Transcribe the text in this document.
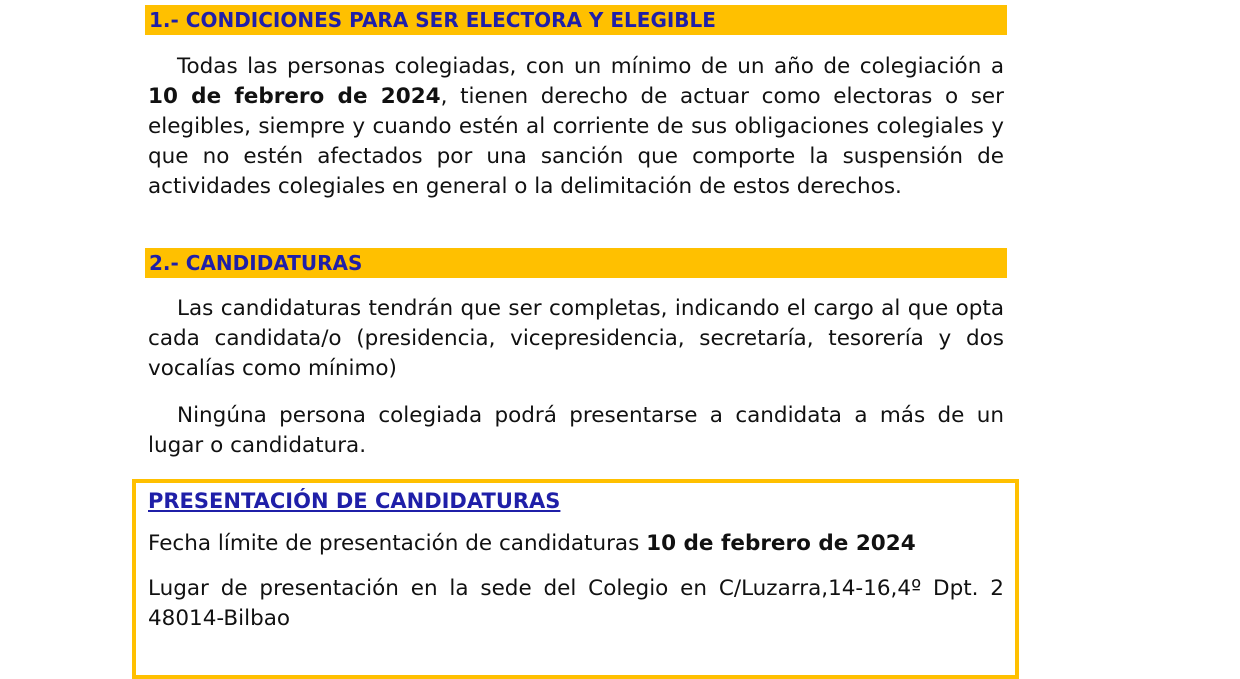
1.- CONDICIONES PARA SER ELECTORA Y ELEGIBLE

Todas las personas colegiadas, con un mínimo de un año de colegiación a 10 de febrero de 2024, tienen derecho de actuar como electoras o ser elegibles, siempre y cuando estén al corriente de sus obligaciones colegiales y que no estén afectados por una sanción que comporte la suspensión de actividades colegiales en general o la delimitación de estos derechos.

2.- CANDIDATURAS

Las candidaturas tendrán que ser completas, indicando el cargo al que opta cada candidata/o (presidencia, vicepresidencia, secretaría, tesorería y dos vocalías como mínimo)

Ningúna persona colegiada podrá presentarse a candidata a más de un lugar o candidatura.

PRESENTACIÓN DE CANDIDATURAS

Fecha límite de presentación de candidaturas 10 de febrero de 2024

Lugar de presentación en la sede del Colegio en C/Luzarra,14-16,4º Dpt. 2 48014-Bilbao
